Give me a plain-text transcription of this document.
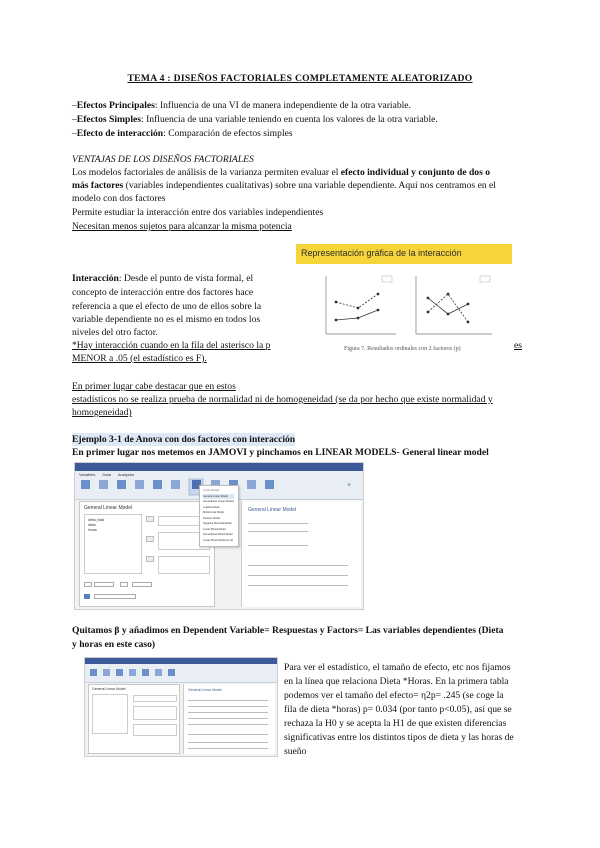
TEMA 4 : DISEÑOS FACTORIALES COMPLETAMENTE ALEATORIZADO
–Efectos Principales: Influencia de una VI de manera independiente de la otra variable.
–Efectos Simples: Influencia de una variable teniendo en cuenta los valores de la otra variable.
–Efecto de interacción: Comparación de efectos simples
VENTAJAS DE LOS DISEÑOS FACTORIALES
Los modelos factoriales de análisis de la varianza permiten evaluar el efecto individual y conjunto de dos o
más factores (variables independientes cualitativas) sobre una variable dependiente. Aquí nos centramos en el
modelo con dos factores
Permite estudiar la interacción entre dos variables independientes
Necesitan menos sujetos para alcanzar la misma potencia
Representación gráfica de la interacción
Figura 7. Resultados ordinales con 2 factores (p)
Interacción: Desde el punto de vista formal, el
concepto de interacción entre dos factores hace
referencia a que el efecto de uno de ellos sobre la
variable dependiente no es el mismo en todos los
niveles del otro factor.
*Hay interacción cuando en la fila del asterisco la p	es
MENOR a .05 (el estadístico es F).
En primer lugar cabe destacar que en estos
estadísticos no se realiza prueba de normalidad ni de homogeneidad (se da por hecho que existe normalidad y
homogeneidad)
Ejemplo 3-1 de Anova con dos factores con interacción
En primer lugar nos metemos en JAMOVI y pinchamos en LINEAR MODELS- General linear model
Variables Data Analyses
+
General Linear Model
dieta_total
dieta
horas
Linear Models
General Linear Model
Generalized Linear Models
Logistic Model
Multinomial Model
Poisson Model
Negative Binomial Model
Linear Mixed Model
Generalized Mixed Model
Linear Mixed Model (Lme)
General Linear Model
Quitamos β y añadimos en Dependent Variable= Respuestas y Factors= Las variables dependientes (Dieta
y horas en este caso)
General Linear Model	General Linear Model
Para ver el estadístico, el tamaño de efecto, etc nos fijamos
en la línea que relaciona Dieta *Horas. En la primera tabla
podemos ver el tamaño del efecto= η2p= .245 (se coge la
fila de dieta *horas) p= 0.034 (por tanto p<0.05), así que se
rechaza la H0 y se acepta la H1 de que existen diferencias
significativas entre los distintos tipos de dieta y las horas de
sueño
